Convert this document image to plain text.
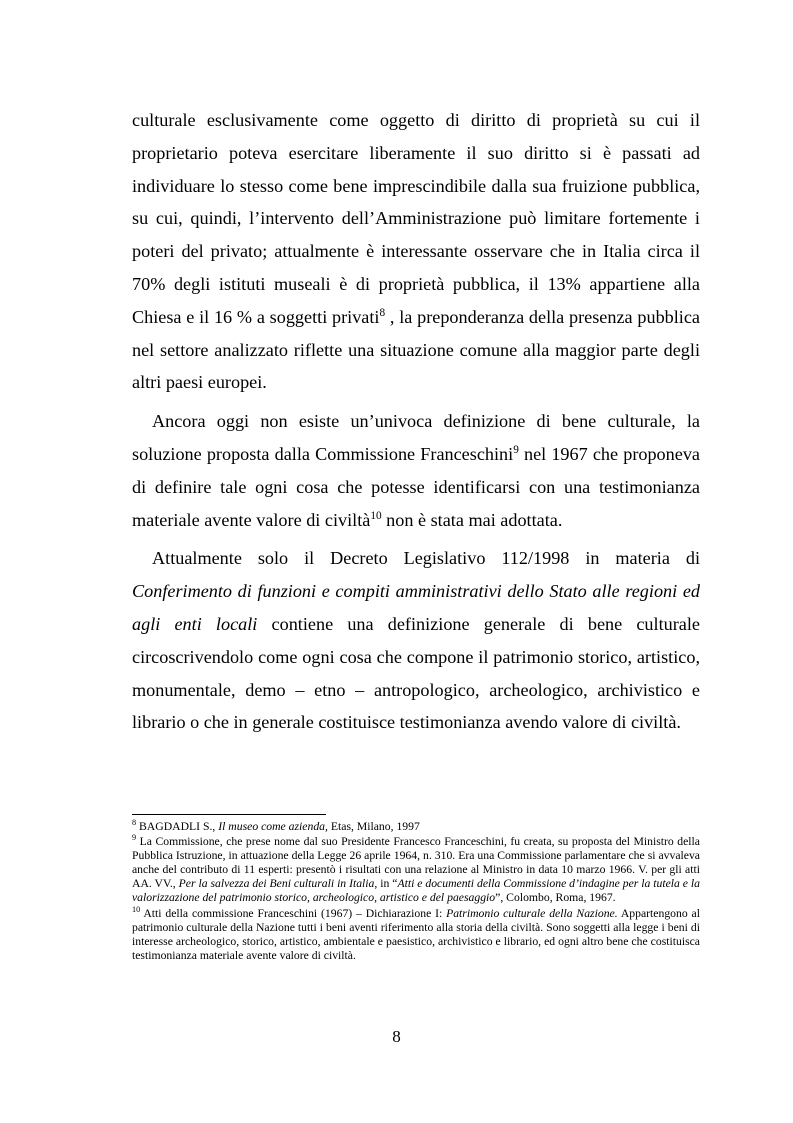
culturale esclusivamente come oggetto di diritto di proprietà su cui il proprietario poteva esercitare liberamente il suo diritto si è passati ad individuare lo stesso come bene imprescindibile dalla sua fruizione pubblica, su cui, quindi, l’intervento dell’Amministrazione può limitare fortemente i poteri del privato; attualmente è interessante osservare che in Italia circa il 70% degli istituti museali è di proprietà pubblica, il 13% appartiene alla Chiesa e il 16 % a soggetti privati$^8$ , la preponderanza della presenza pubblica nel settore analizzato riflette una situazione comune alla maggior parte degli altri paesi europei.

Ancora oggi non esiste un’univoca definizione di bene culturale, la soluzione proposta dalla Commissione Franceschini$^9$ nel 1967 che proponeva di definire tale ogni cosa che potesse identificarsi con una testimonianza materiale avente valore di civiltà$^{10}$ non è stata mai adottata.

Attualmente solo il Decreto Legislativo 112/1998 in materia di Conferimento di funzioni e compiti amministrativi dello Stato alle regioni ed agli enti locali contiene una definizione generale di bene culturale circoscrivendolo come ogni cosa che compone il patrimonio storico, artistico, monumentale, demo – etno – antropologico, archeologico, archivistico e librario o che in generale costituisce testimonianza avendo valore di civiltà.

$^8$ BAGDADLI S., Il museo come azienda, Etas, Milano, 1997

$^9$ La Commissione, che prese nome dal suo Presidente Francesco Franceschini, fu creata, su proposta del Ministro della Pubblica Istruzione, in attuazione della Legge 26 aprile 1964, n. 310. Era una Commissione parlamentare che si avvaleva anche del contributo di 11 esperti: presentò i risultati con una relazione al Ministro in data 10 marzo 1966. V. per gli atti AA. VV., Per la salvezza dei Beni culturali in Italia, in “Atti e documenti della Commissione d’indagine per la tutela e la valorizzazione del patrimonio storico, archeologico, artistico e del paesaggio”, Colombo, Roma, 1967.

$^{10}$ Atti della commissione Franceschini (1967) – Dichiarazione I: Patrimonio culturale della Nazione. Appartengono al patrimonio culturale della Nazione tutti i beni aventi riferimento alla storia della civiltà. Sono soggetti alla legge i beni di interesse archeologico, storico, artistico, ambientale e paesistico, archivistico e librario, ed ogni altro bene che costituisca testimonianza materiale avente valore di civiltà.

8
